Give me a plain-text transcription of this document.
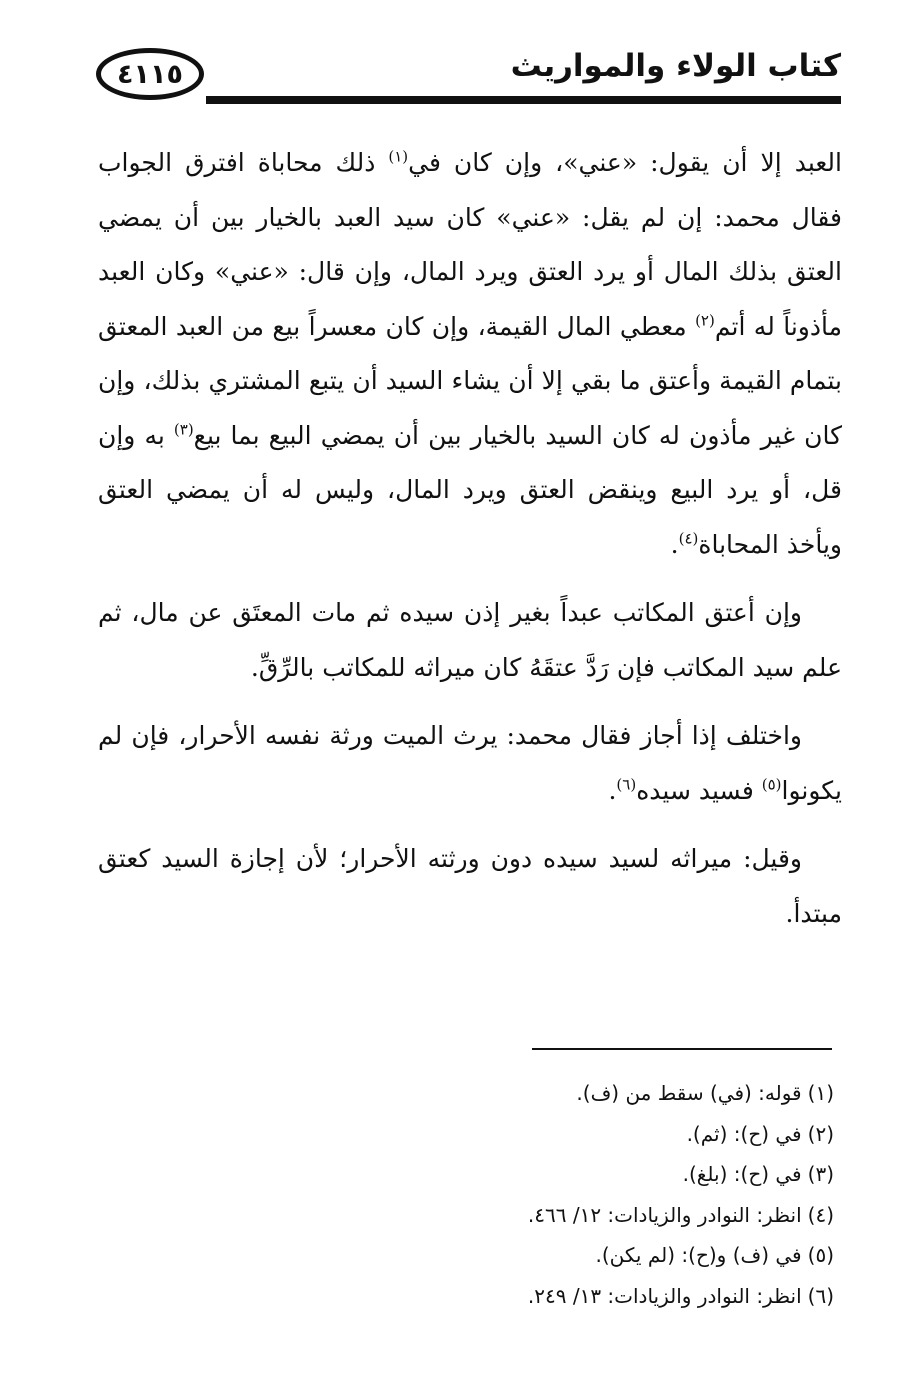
٤١١٥	كتاب الولاء والمواريث

العبد إلا أن يقول: «عني»، وإن كان في$^{(١)}$ ذلك محاباة افترق الجواب فقال محمد: إن لم يقل: «عني» كان سيد العبد بالخيار بين أن يمضي العتق بذلك المال أو يرد العتق ويرد المال، وإن قال: «عني» وكان العبد مأذوناً له أتم$^{(٢)}$ معطي المال القيمة، وإن كان معسراً بيع من العبد المعتق بتمام القيمة وأعتق ما بقي إلا أن يشاء السيد أن يتبع المشتري بذلك، وإن كان غير مأذون له كان السيد بالخيار بين أن يمضي البيع بما بيع$^{(٣)}$ به وإن قل، أو يرد البيع وينقض العتق ويرد المال، وليس له أن يمضي العتق ويأخذ المحاباة$^{(٤)}$.

وإن أعتق المكاتب عبداً بغير إذن سيده ثم مات المعتَق عن مال، ثم علم سيد المكاتب فإن رَدَّ عتقَهُ كان ميراثه للمكاتب بالرِّقِّ.

واختلف إذا أجاز فقال محمد: يرث الميت ورثة نفسه الأحرار، فإن لم يكونوا$^{(٥)}$ فسيد سيده$^{(٦)}$.

وقيل: ميراثه لسيد سيده دون ورثته الأحرار؛ لأن إجازة السيد كعتق مبتدأ.

(١)قوله: (في) سقط من (ف).
(٢)في (ح): (ثم).
(٣)في (ح): (بلغ).
(٤)انظر: النوادر والزيادات: ١٢/ ٤٦٦.
(٥)في (ف) و(ح): (لم يكن).
(٦)انظر: النوادر والزيادات: ١٣/ ٢٤٩.
